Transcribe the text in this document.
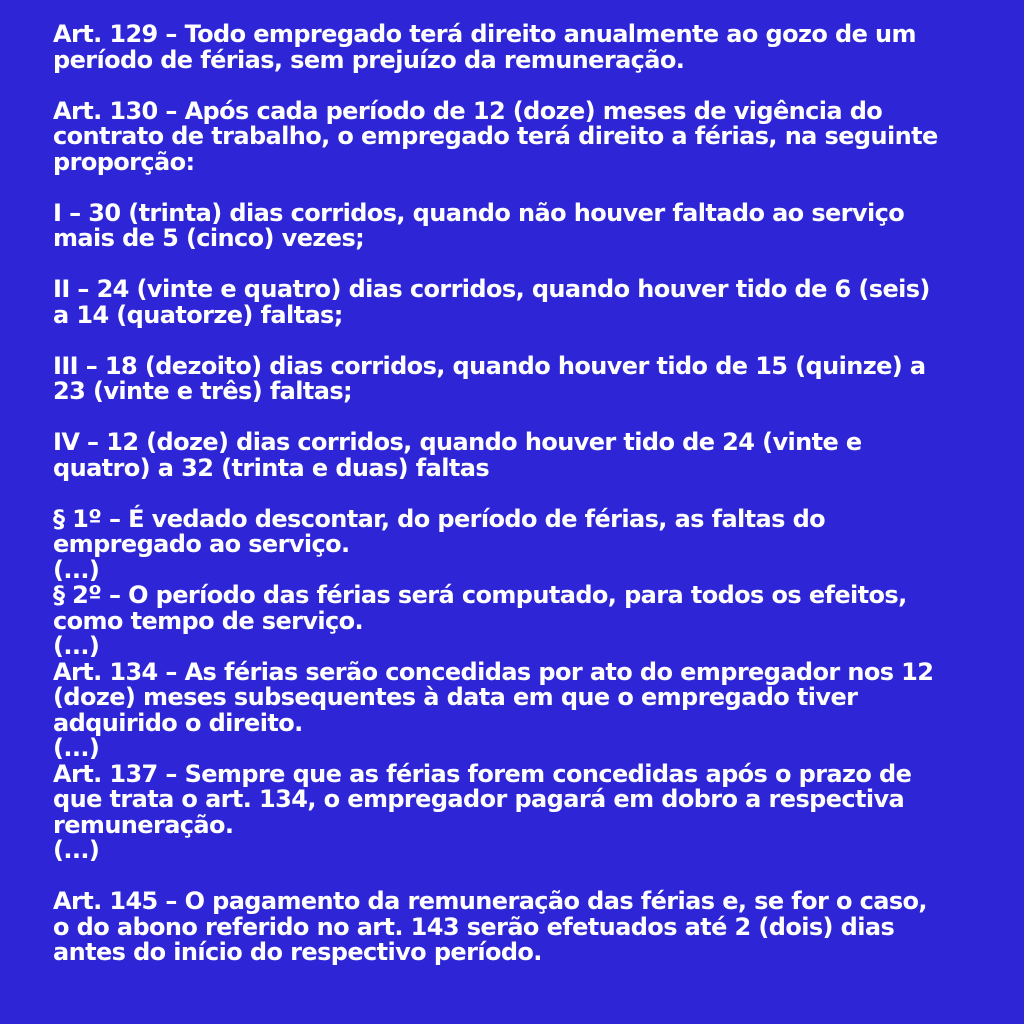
Art. 129 – Todo empregado terá direito anualmente ao gozo de um
período de férias, sem prejuízo da remuneração.

Art. 130 – Após cada período de 12 (doze) meses de vigência do
contrato de trabalho, o empregado terá direito a férias, na seguinte
proporção:

I – 30 (trinta) dias corridos, quando não houver faltado ao serviço
mais de 5 (cinco) vezes;

II – 24 (vinte e quatro) dias corridos, quando houver tido de 6 (seis)
a 14 (quatorze) faltas;

III – 18 (dezoito) dias corridos, quando houver tido de 15 (quinze) a
23 (vinte e três) faltas;

IV – 12 (doze) dias corridos, quando houver tido de 24 (vinte e
quatro) a 32 (trinta e duas) faltas

§ 1º – É vedado descontar, do período de férias, as faltas do
empregado ao serviço.
(...)

§ 2º – O período das férias será computado, para todos os efeitos,
como tempo de serviço.
(...)

Art. 134 – As férias serão concedidas por ato do empregador nos 12
(doze) meses subsequentes à data em que o empregado tiver
adquirido o direito.
(...)

Art. 137 – Sempre que as férias forem concedidas após o prazo de
que trata o art. 134, o empregador pagará em dobro a respectiva
remuneração.
(...)

Art. 145 – O pagamento da remuneração das férias e, se for o caso,
o do abono referido no art. 143 serão efetuados até 2 (dois) dias
antes do início do respectivo período.
